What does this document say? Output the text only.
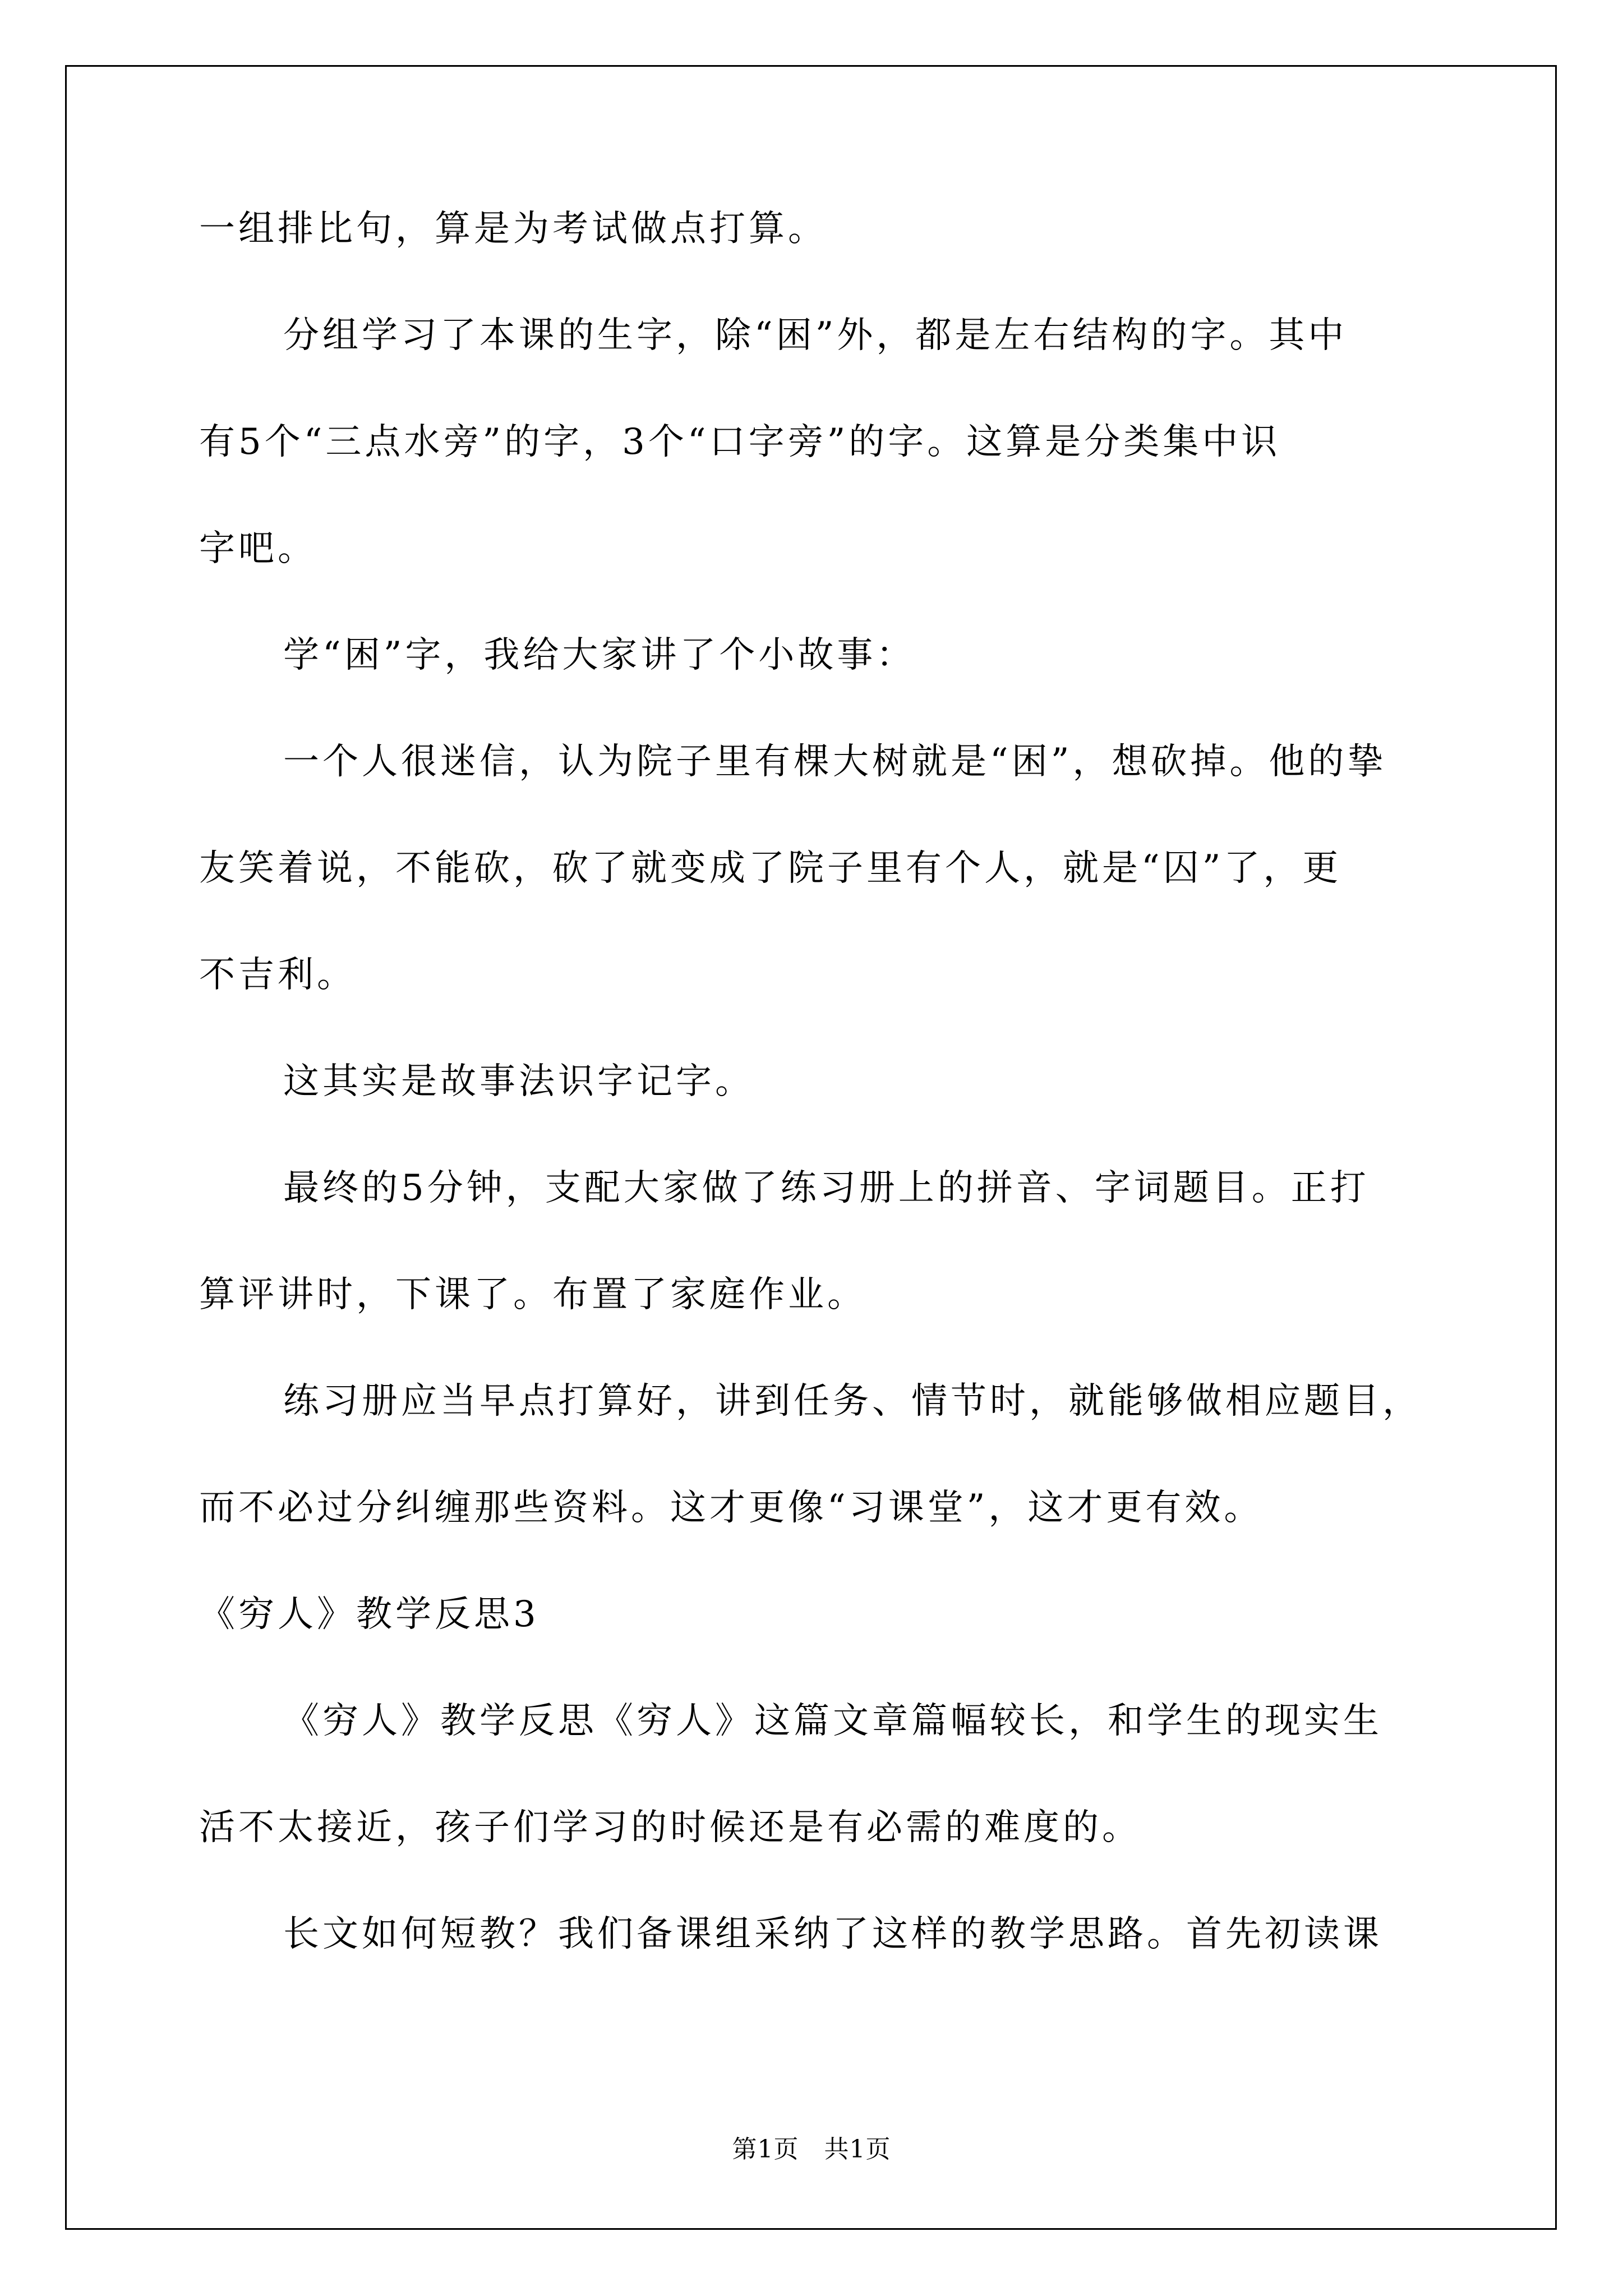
一组排比句，算是为考试做点打算。
分组学习了本课的生字，除“困”外，都是左右结构的字。其中
有5个“三点水旁”的字，3个“口字旁”的字。这算是分类集中识
字吧。
学“困”字，我给大家讲了个小故事：
一个人很迷信，认为院子里有棵大树就是“困”，想砍掉。他的挚
友笑着说，不能砍，砍了就变成了院子里有个人，就是“囚”了，更
不吉利。
这其实是故事法识字记字。
最终的5分钟，支配大家做了练习册上的拼音、字词题目。正打
算评讲时，下课了。布置了家庭作业。
练习册应当早点打算好，讲到任务、情节时，就能够做相应题目，
而不必过分纠缠那些资料。这才更像“习课堂”，这才更有效。
《穷人》教学反思3
《穷人》教学反思《穷人》这篇文章篇幅较长，和学生的现实生
活不太接近，孩子们学习的时候还是有必需的难度的。
长文如何短教？我们备课组采纳了这样的教学思路。首先初读课
第1页　共1页
